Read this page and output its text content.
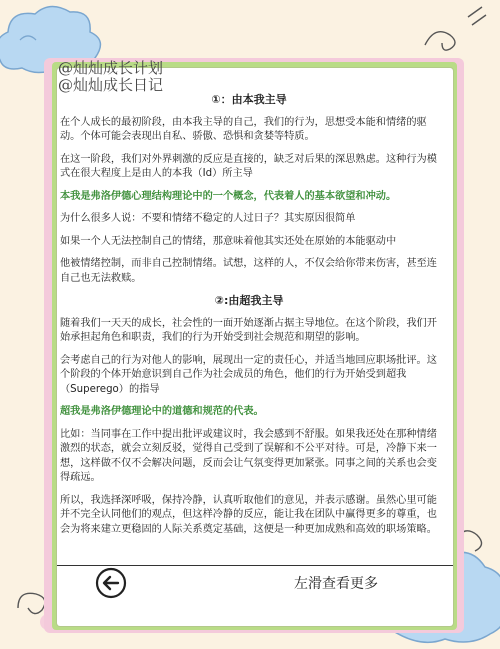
@灿灿成长计划
@灿灿成长日记

①：由本我主导

在个人成长的最初阶段，由本我主导的自己，我们的行为，思想受本能和情绪的驱动。个体可能会表现出自私、骄傲、恐惧和贪婪等特质。

在这一阶段，我们对外界刺激的反应是直接的，缺乏对后果的深思熟虑。这种行为模式在很大程度上是由人的本我（Id）所主导

本我是弗洛伊德心理结构理论中的一个概念，代表着人的基本欲望和冲动。

为什么很多人说：不要和情绪不稳定的人过日子？其实原因很简单

如果一个人无法控制自己的情绪，那意味着他其实还处在原始的本能驱动中

他被情绪控制，而非自己控制情绪。试想，这样的人，不仅会给你带来伤害，甚至连自己也无法救赎。

②:由超我主导

随着我们一天天的成长，社会性的一面开始逐渐占据主导地位。在这个阶段，我们开始承担起角色和职责，我们的行为开始受到社会规范和期望的影响。

会考虑自己的行为对他人的影响，展现出一定的责任心，并适当地回应职场批评。这个阶段的个体开始意识到自己作为社会成员的角色，他们的行为开始受到超我（Superego）的指导

超我是弗洛伊德理论中的道德和规范的代表。

比如：当同事在工作中提出批评或建议时，我会感到不舒服。如果我还处在那种情绪激烈的状态，就会立刻反驳，觉得自己受到了误解和不公平对待。可是，冷静下来一想，这样做不仅不会解决问题，反而会让气氛变得更加紧张。同事之间的关系也会变得疏远。

所以，我选择深呼吸，保持冷静，认真听取他们的意见，并表示感谢。虽然心里可能并不完全认同他们的观点，但这样冷静的反应，能让我在团队中赢得更多的尊重，也会为将来建立更稳固的人际关系奠定基础，这便是一种更加成熟和高效的职场策略。

左滑查看更多
